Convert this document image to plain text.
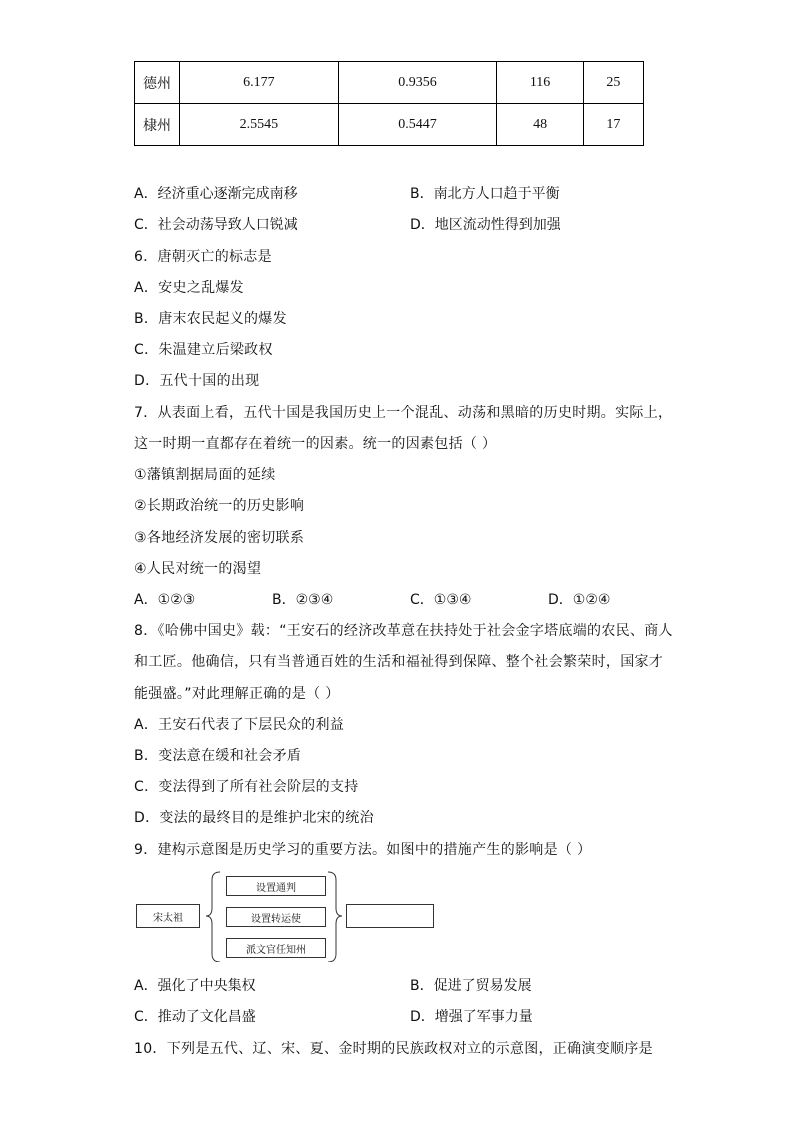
德州	6.177	0.9356	116	25
棣州	2.5545	0.5447	48	17
A．经济重心逐渐完成南移	B．南北方人口趋于平衡
C．社会动荡导致人口锐减	D．地区流动性得到加强
6．唐朝灭亡的标志是
A．安史之乱爆发
B．唐末农民起义的爆发
C．朱温建立后梁政权
D．五代十国的出现
7．从表面上看，五代十国是我国历史上一个混乱、动荡和黑暗的历史时期。实际上，
这一时期一直都存在着统一的因素。统一的因素包括（ ）
①藩镇割据局面的延续
②长期政治统一的历史影响
③各地经济发展的密切联系
④人民对统一的渴望
A．①②③	B．②③④	C．①③④	D．①②④
8．《哈佛中国史》载：“王安石的经济改革意在扶持处于社会金字塔底端的农民、商人
和工匠。他确信，只有当普通百姓的生活和福祉得到保障、整个社会繁荣时，国家才
能强盛。”对此理解正确的是（ ）
A．王安石代表了下层民众的利益
B．变法意在缓和社会矛盾
C．变法得到了所有社会阶层的支持
D．变法的最终目的是维护北宋的统治
9．建构示意图是历史学习的重要方法。如图中的措施产生的影响是（ ）
宋太祖
设置通判
设置转运使
派文官任知州
A．强化了中央集权	B．促进了贸易发展
C．推动了文化昌盛	D．增强了军事力量
10．下列是五代、辽、宋、夏、金时期的民族政权对立的示意图，正确演变顺序是
